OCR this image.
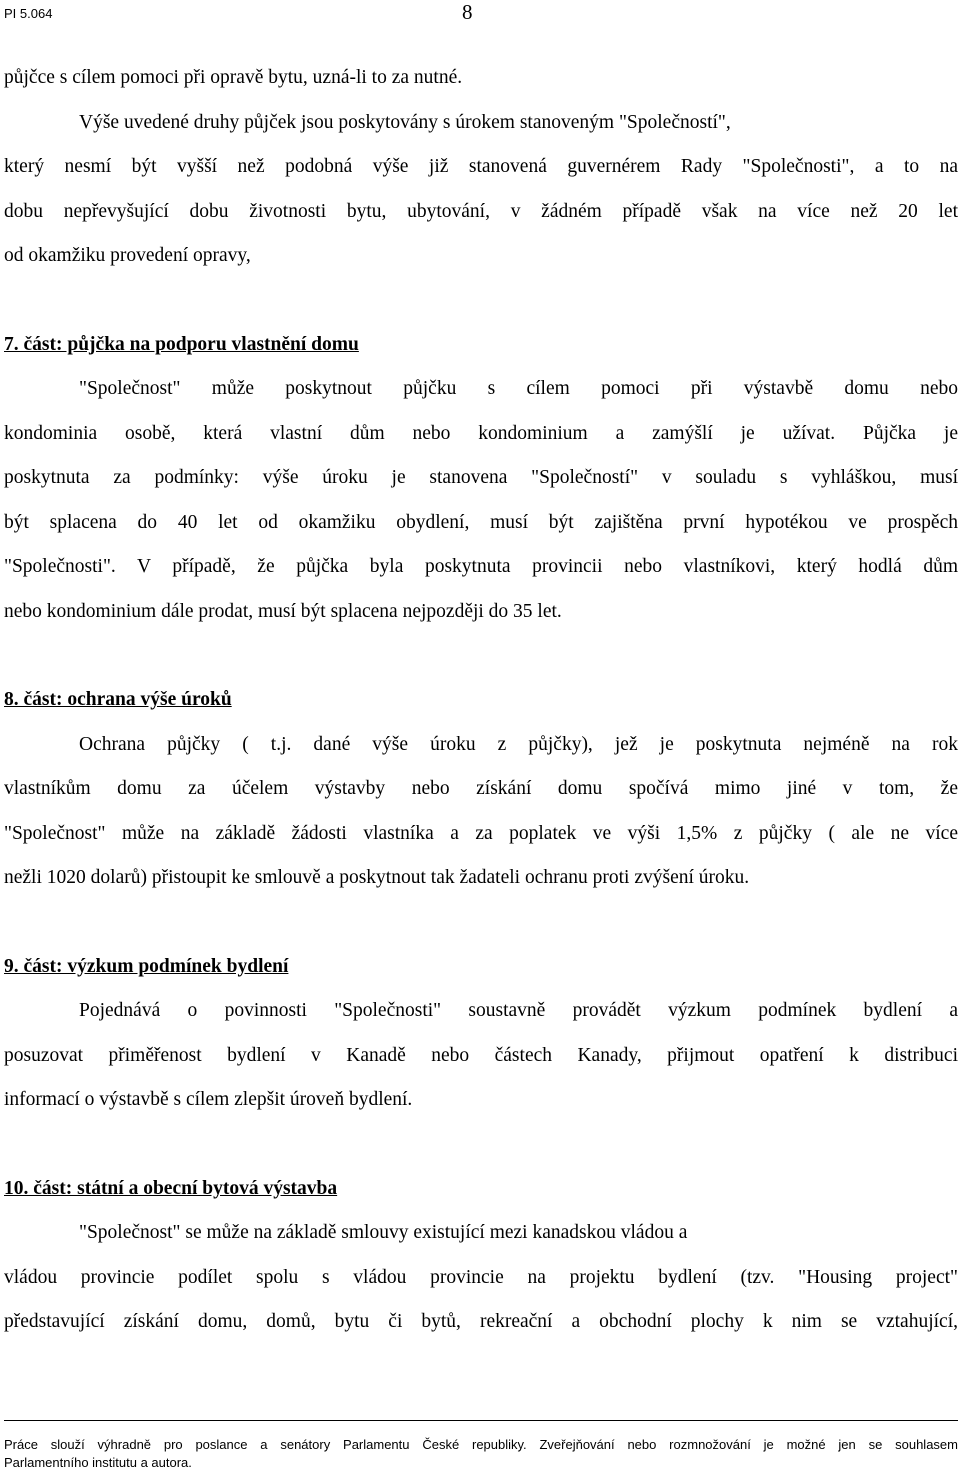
PI 5.064	8

půjčce s cílem pomoci při opravě bytu, uzná-li to za nutné.

Výše uvedené druhy půjček jsou poskytovány s úrokem stanoveným "Společností",

který nesmí být vyšší než podobná výše již stanovená guvernérem Rady "Společnosti", a to na

dobu nepřevyšující dobu životnosti bytu, ubytování, v žádném případě však na více než 20 let

od okamžiku provedení opravy,

7. část: půjčka na podporu vlastnění domu

"Společnost" může poskytnout půjčku s cílem pomoci při výstavbě domu nebo

kondominia osobě, která vlastní dům nebo kondominium a zamýšlí je užívat. Půjčka je

poskytnuta za podmínky: výše úroku je stanovena "Společností" v souladu s vyhláškou, musí

být splacena do 40 let od okamžiku obydlení, musí být zajištěna první hypotékou ve prospěch

"Společnosti". V případě, že půjčka byla poskytnuta provincii nebo vlastníkovi, který hodlá dům

nebo kondominium dále prodat, musí být splacena nejpozději do 35 let.

8. část: ochrana výše úroků

Ochrana půjčky ( t.j. dané výše úroku z půjčky), jež je poskytnuta nejméně na rok

vlastníkům domu za účelem výstavby nebo získání domu spočívá mimo jiné v tom, že

"Společnost" může na základě žádosti vlastníka a za poplatek ve výši 1,5% z půjčky ( ale ne více

nežli 1020 dolarů) přistoupit ke smlouvě a poskytnout tak žadateli ochranu proti zvýšení úroku.

9. část: výzkum podmínek bydlení

Pojednává o povinnosti "Společnosti" soustavně provádět výzkum podmínek bydlení a

posuzovat přiměřenost bydlení v Kanadě nebo částech Kanady, přijmout opatření k distribuci

informací o výstavbě s cílem zlepšit úroveň bydlení.

10. část: státní a obecní bytová výstavba

"Společnost" se může na základě smlouvy existující mezi kanadskou vládou a

vládou provincie podílet spolu s vládou provincie na projektu bydlení (tzv. "Housing project"

představující získání domu, domů, bytu či bytů, rekreační a obchodní plochy k nim se vztahující,

Práce slouží výhradně pro poslance a senátory Parlamentu České republiky. Zveřejňování nebo rozmnožování je možné jen se souhlasem
Parlamentního institutu a autora.
